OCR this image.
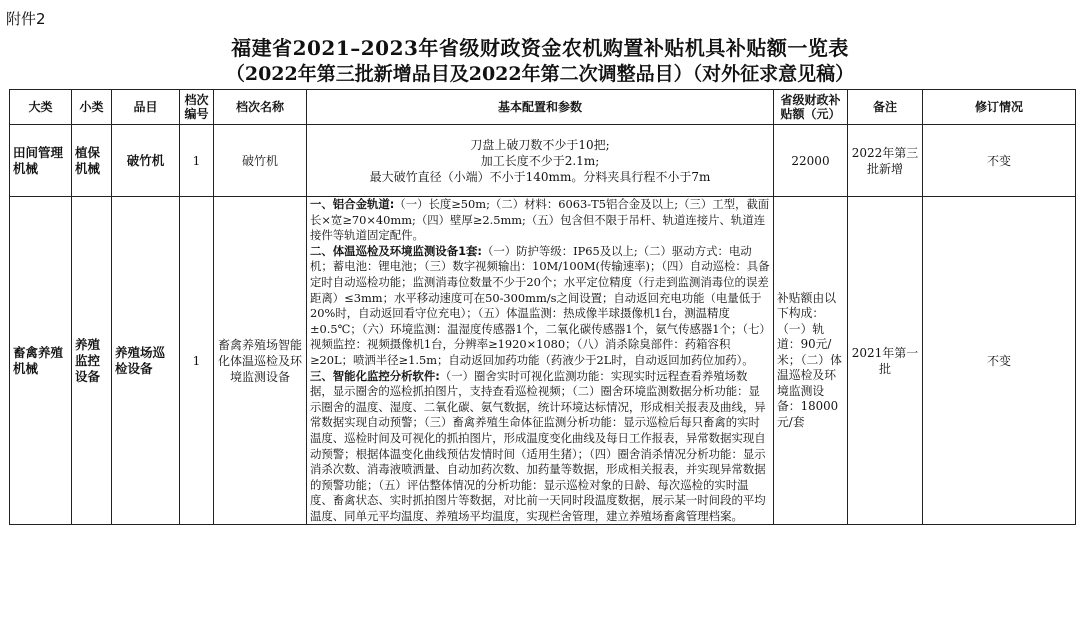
附件2
福建省2021–2023年省级财政资金农机购置补贴机具补贴额一览表
（2022年第三批新增品目及2022年第二次调整品目）（对外征求意见稿）
大类	小类	品目	档次编号	档次名称	基本配置和参数	省级财政补贴额（元）	备注	修订情况
田间管理机械	植保机械	破竹机	1	破竹机	刀盘上破刀数不少于10把;
加工长度不少于2.1m;
最大破竹直径（小端）不小于140mm。分料夹具行程不小于7m	22000	2022年第三批新增	不变
畜禽养殖机械	养殖监控设备	养殖场巡检设备	1	畜禽养殖场智能化体温巡检及环境监测设备	一、铝合金轨道:（一）长度≥50m;（二）材料：6063-T5铝合金及以上;（三）工型，截面长×宽≥70×40mm;（四）壁厚≥2.5mm;（五）包含但不限于吊杆、轨道连接片、轨道连接件等轨道固定配件。

二、体温巡检及环境监测设备1套:（一）防护等级：IP65及以上;（二）驱动方式：电动机；蓄电池：锂电池；（三）数字视频输出：10M/100M(传输速率)；（四）自动巡检：具备定时自动巡检功能；监测消毒位数量不少于20个；水平定位精度（行走到监测消毒位的误差距离）≤3mm；水平移动速度可在50-300mm/s之间设置；自动返回充电功能（电量低于20%时，自动返回看守位充电）；（五）体温监测：热成像半球摄像机1台，测温精度±0.5℃；（六）环境监测：温湿度传感器1个，二氧化碳传感器1个，氨气传感器1个；（七）视频监控：视频摄像机1台，分辨率≥1920×1080；（八）消杀除臭部件：药箱容积≥20L；喷洒半径≥1.5m；自动返回加药功能（药液少于2L时，自动返回加药位加药）。

三、智能化监控分析软件:（一）圈舍实时可视化监测功能：实现实时远程查看养殖场数据，显示圈舍的巡检抓拍图片，支持查看巡检视频；（二）圈舍环境监测数据分析功能：显示圈舍的温度、湿度、二氧化碳、氨气数据，统计环境达标情况，形成相关报表及曲线，异常数据实现自动预警；（三）畜禽养殖生命体征监测分析功能：显示巡检后每只畜禽的实时温度、巡检时间及可视化的抓拍图片，形成温度变化曲线及每日工作报表，异常数据实现自动预警；根据体温变化曲线预估发情时间（适用生猪）；（四）圈舍消杀情况分析功能：显示消杀次数、消毒液喷洒量、自动加药次数、加药量等数据，形成相关报表，并实现异常数据的预警功能；（五）评估整体情况的分析功能：显示巡检对象的日龄、每次巡检的实时温度、畜禽状态、实时抓拍图片等数据，对比前一天同时段温度数据，展示某一时间段的平均温度、同单元平均温度、养殖场平均温度，实现栏舍管理，建立养殖场畜禽管理档案。	补贴额由以下构成：（一）轨道：90元/米；（二）体温巡检及环境监测设备：18000元/套	2021年第一批	不变
